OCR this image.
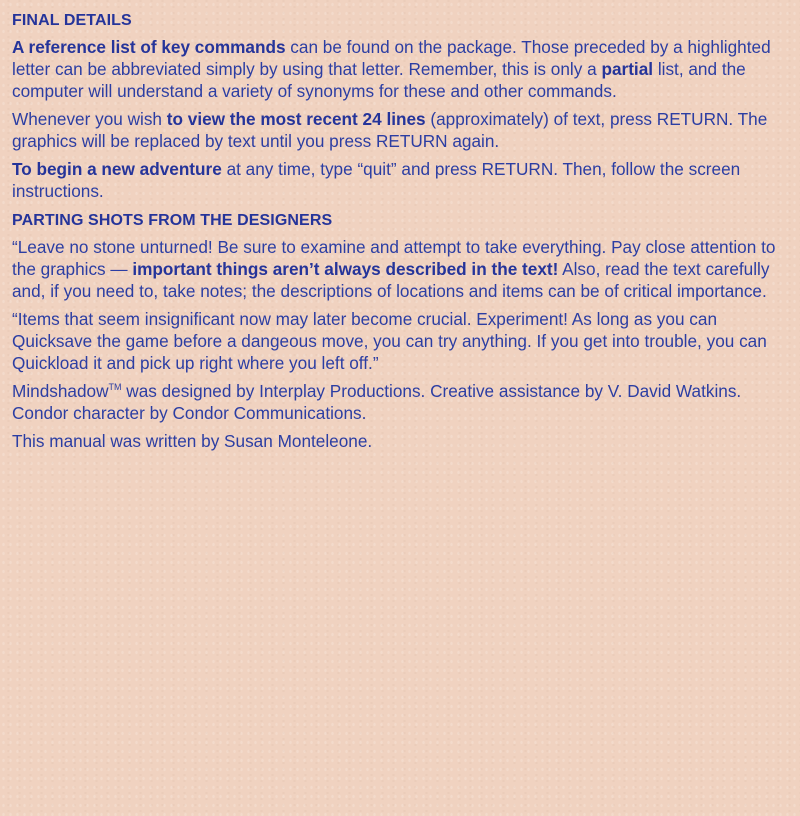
FINAL DETAILS

A reference list of key commands can be found on the package. Those preceded by a highlighted letter can be abbreviated simply by using that letter. Remember, this is only a partial list, and the computer will understand a variety of synonyms for these and other commands.

Whenever you wish to view the most recent 24 lines (approximately) of text, press RETURN. The graphics will be replaced by text until you press RETURN again.

To begin a new adventure at any time, type “quit” and press RETURN. Then, follow the screen instructions.

PARTING SHOTS FROM THE DESIGNERS

“Leave no stone unturned! Be sure to examine and attempt to take everything. Pay close attention to the graphics — important things aren’t always described in the text! Also, read the text carefully and, if you need to, take notes; the descriptions of locations and items can be of critical importance.

“Items that seem insignificant now may later become crucial. Experiment! As long as you can Quicksave the game before a dangeous move, you can try anything. If you get into trouble, you can Quickload it and pick up right where you left off.”

Mindshadow™ was designed by Interplay Productions. Creative assistance by V. David Watkins. Condor character by Condor Communications.

This manual was written by Susan Monteleone.
